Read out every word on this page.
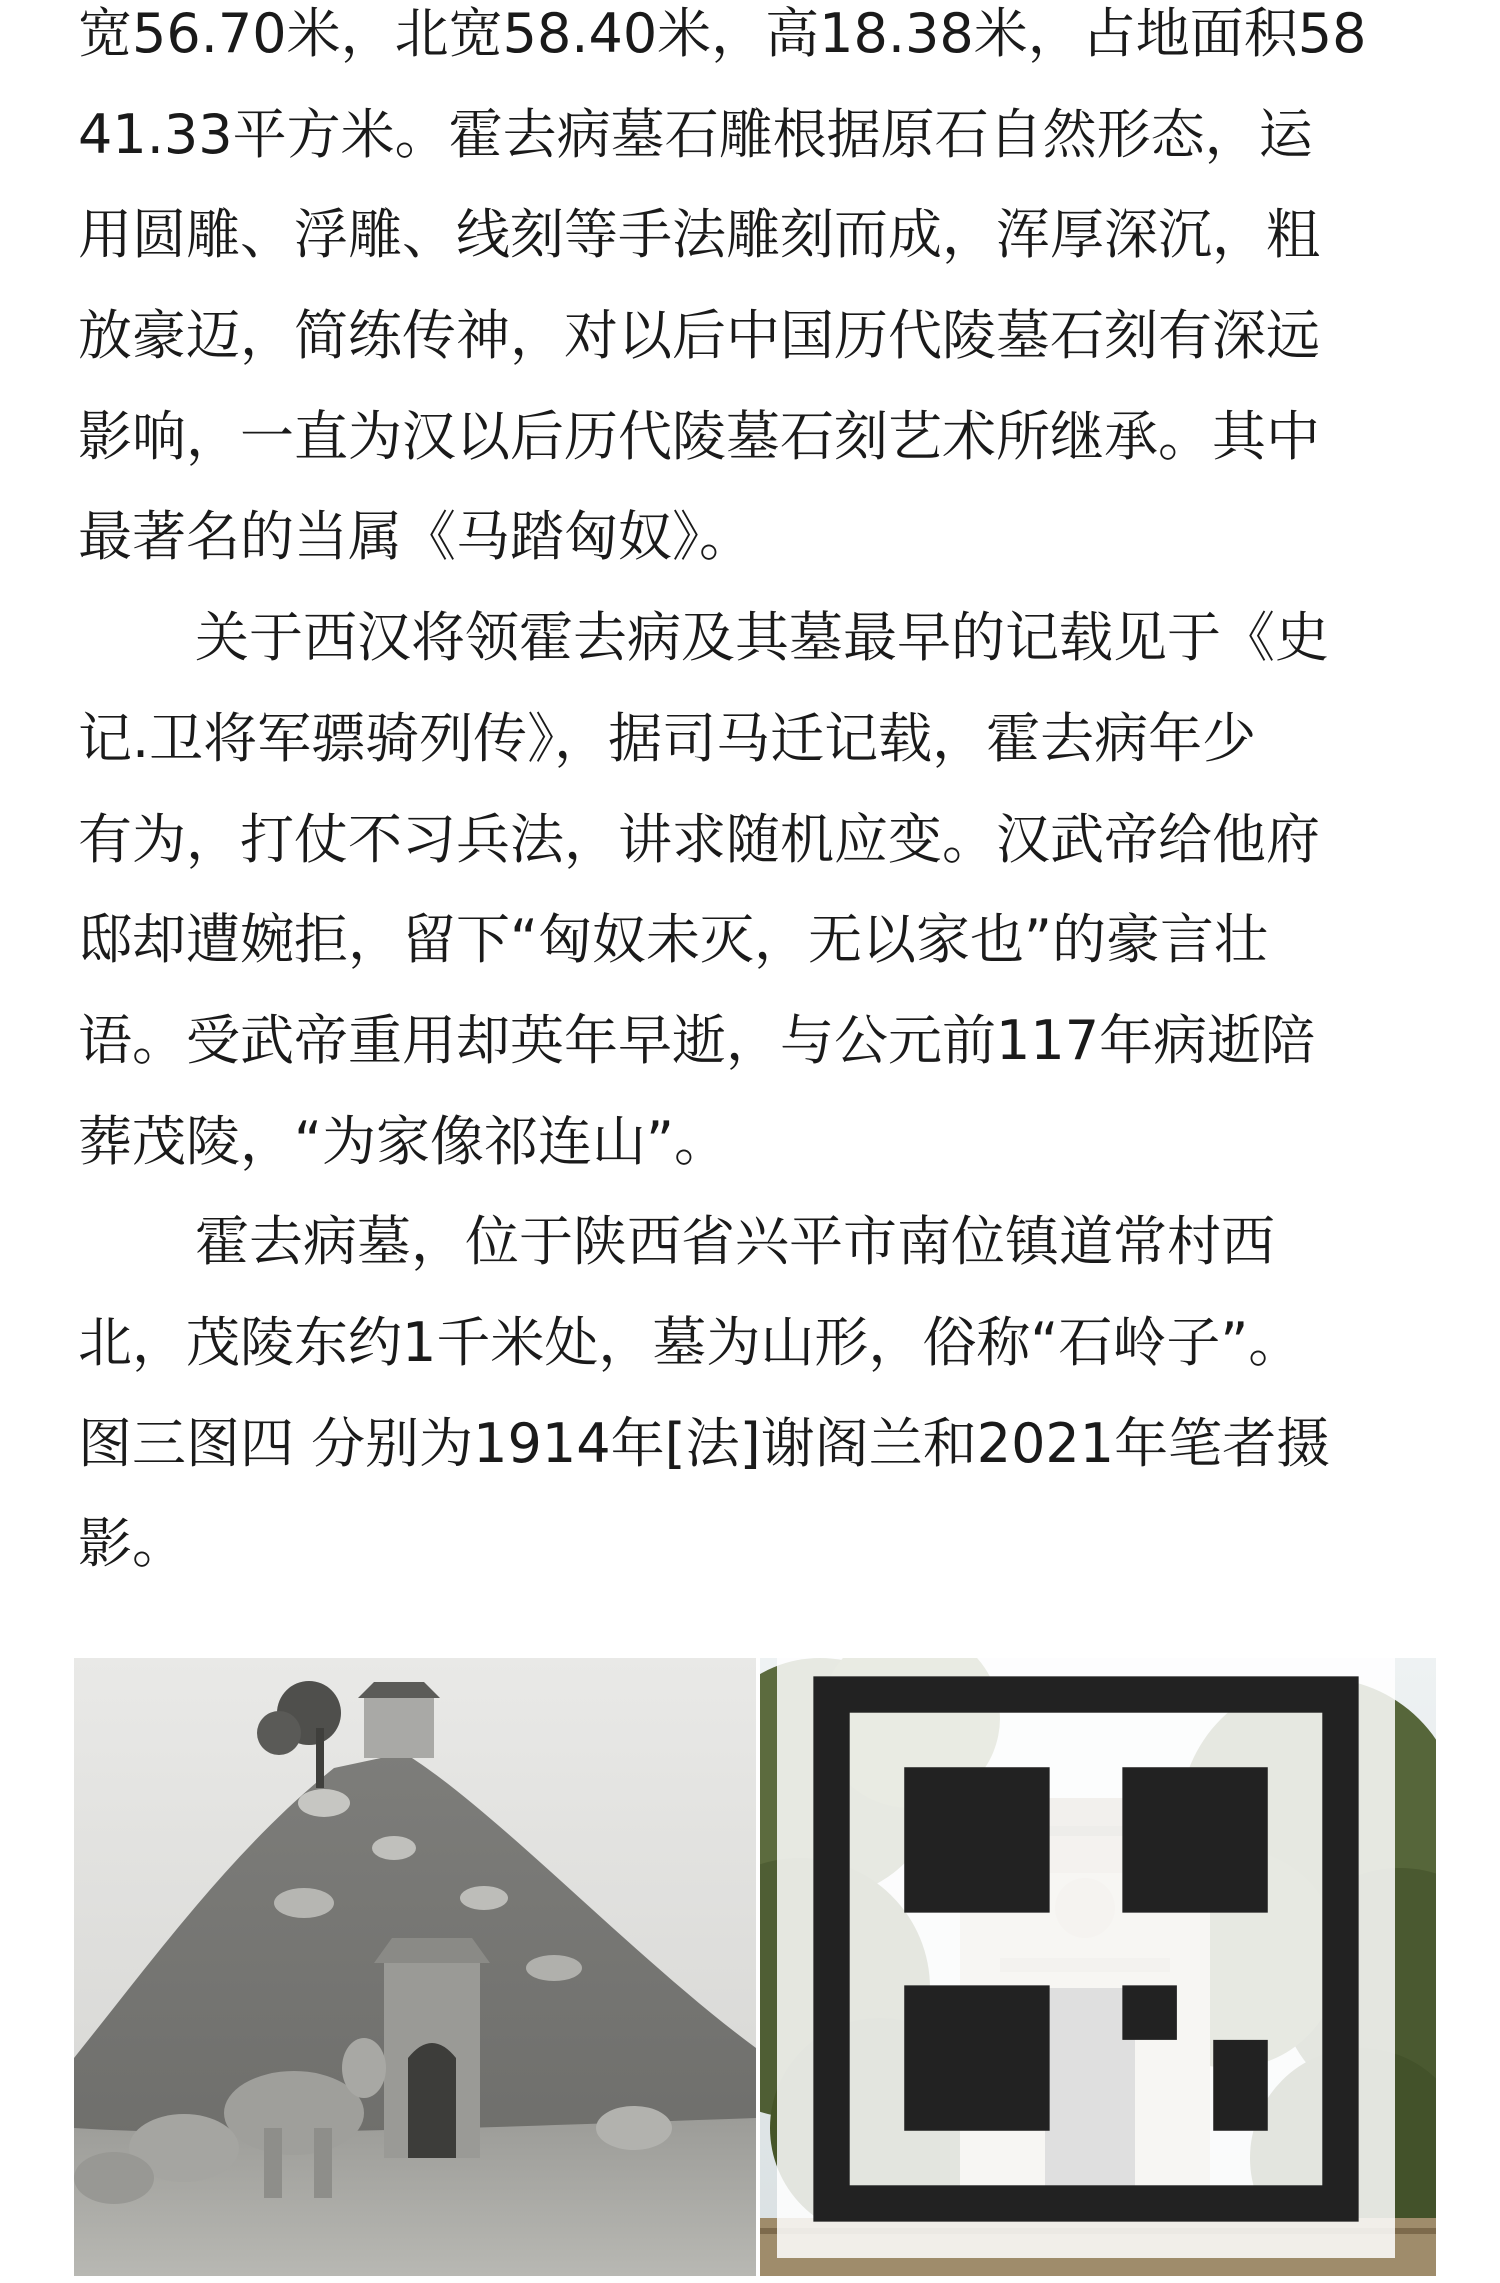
宽56.70米，北宽58.40米，高18.38米，占地面积58
41.33平方米。霍去病墓石雕根据原石自然形态，运
用圆雕、浮雕、线刻等手法雕刻而成，浑厚深沉，粗
放豪迈，简练传神，对以后中国历代陵墓石刻有深远
影响，一直为汉以后历代陵墓石刻艺术所继承。其中
最著名的当属《马踏匈奴》。
关于西汉将领霍去病及其墓最早的记载见于《史
记.卫将军骠骑列传》，据司马迁记载，霍去病年少
有为，打仗不习兵法，讲求随机应变。汉武帝给他府
邸却遭婉拒，留下“匈奴未灭，无以家也”的豪言壮
语。受武帝重用却英年早逝，与公元前117年病逝陪
葬茂陵，“为家像祁连山”。
霍去病墓，位于陕西省兴平市南位镇道常村西
北，茂陵东约1千米处，墓为山形，俗称“石岭子”。
图三图四 分别为1914年[法]谢阁兰和2021年笔者摄
影。
